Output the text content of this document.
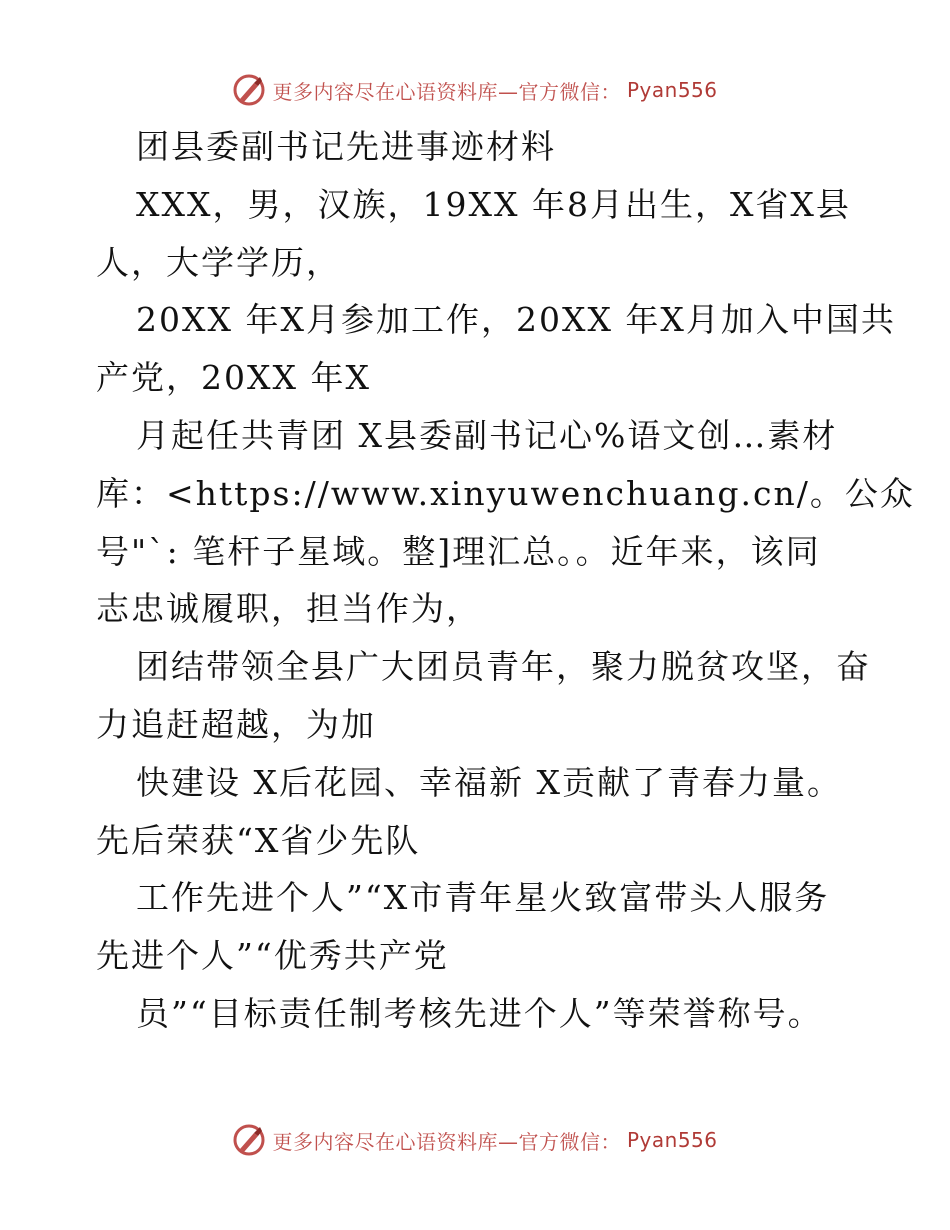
更多内容尽在心语资料库—官方微信： Pyan556
团县委副书记先进事迹材料
XXX，男，汉族，19XX 年8月出生，X省X县
人，大学学历，
20XX 年X月参加工作，20XX 年X月加入中国共
产党，20XX 年X
月起任共青团 X县委副书记心%语文创…素材
库：<https://www.xinyuwenchuang.cn/。公众
号"`: 笔杆子星域。整]理汇总。。近年来，该同
志忠诚履职，担当作为，
团结带领全县广大团员青年，聚力脱贫攻坚，奋
力追赶超越，为加
快建设 X后花园、幸福新 X贡献了青春力量。
先后荣获“X省少先队
工作先进个人”“X市青年星火致富带头人服务
先进个人”“优秀共产党
员”“目标责任制考核先进个人”等荣誉称号。
更多内容尽在心语资料库—官方微信： Pyan556
